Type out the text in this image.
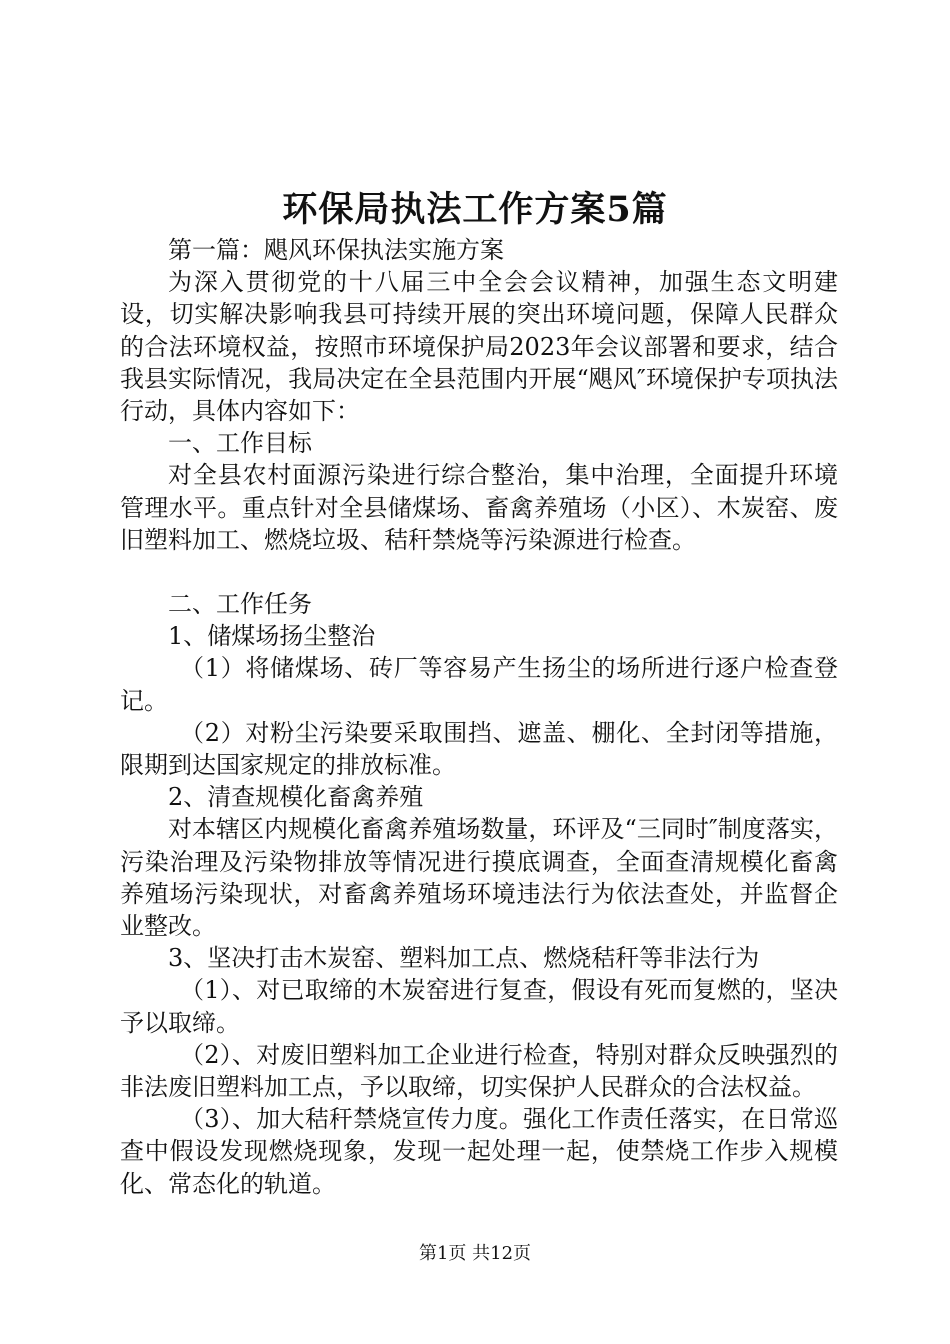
环保局执法工作方案5篇

第一篇：飓风环保执法实施方案

为深入贯彻党的十八届三中全会会议精神，加强生态文明建设，切实解决影响我县可持续开展的突出环境问题，保障人民群众的合法环境权益，按照市环境保护局2023年会议部署和要求，结合我县实际情况，我局决定在全县范围内开展“飓风″环境保护专项执法行动，具体内容如下：

一、工作目标

对全县农村面源污染进行综合整治，集中治理，全面提升环境管理水平。重点针对全县储煤场、畜禽养殖场（小区）、木炭窑、废旧塑料加工、燃烧垃圾、秸秆禁烧等污染源进行检查。

二、工作任务

1、储煤场扬尘整治

（1）将储煤场、砖厂等容易产生扬尘的场所进行逐户检查登记。

（2）对粉尘污染要采取围挡、遮盖、棚化、全封闭等措施，限期到达国家规定的排放标准。

2、清查规模化畜禽养殖

对本辖区内规模化畜禽养殖场数量，环评及“三同时″制度落实，污染治理及污染物排放等情况进行摸底调查，全面查清规模化畜禽养殖场污染现状，对畜禽养殖场环境违法行为依法查处，并监督企业整改。

3、坚决打击木炭窑、塑料加工点、燃烧秸秆等非法行为

（1）、对已取缔的木炭窑进行复查，假设有死而复燃的，坚决予以取缔。

（2）、对废旧塑料加工企业进行检查，特别对群众反映强烈的非法废旧塑料加工点，予以取缔，切实保护人民群众的合法权益。

（3）、加大秸秆禁烧宣传力度。强化工作责任落实，在日常巡查中假设发现燃烧现象，发现一起处理一起，使禁烧工作步入规模化、常态化的轨道。

第1页 共12页
